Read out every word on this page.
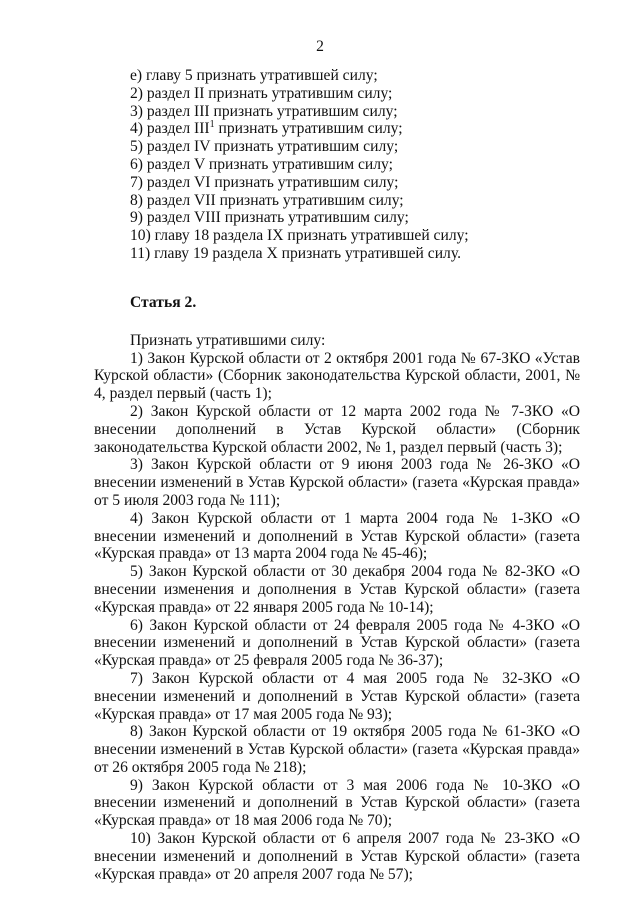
2
е) главу 5 признать утратившей силу;
2) раздел II признать утратившим силу;
3) раздел III признать утратившим силу;
4) раздел III$^1$ признать утратившим силу;
5) раздел IV признать утратившим силу;
6) раздел V признать утратившим силу;
7) раздел VI признать утратившим силу;
8) раздел VII признать утратившим силу;
9) раздел VIII признать утратившим силу;
10) главу 18 раздела IX признать утратившей силу;
11) главу 19 раздела X признать утратившей силу.
Статья 2.
Признать утратившими силу:
1) Закон Курской области от 2 октября 2001 года № 67-ЗКО «Устав Курской области» (Сборник законодательства Курской области, 2001, № 4, раздел первый (часть 1);
2) Закон Курской области от 12 марта 2002 года № 7-ЗКО «О внесении дополнений в Устав Курской области» (Сборник законодательства Курской области 2002, № 1, раздел первый (часть 3);
3) Закон Курской области от 9 июня 2003 года № 26-ЗКО «О внесении изменений в Устав Курской области» (газета «Курская правда» от 5 июля 2003 года № 111);
4) Закон Курской области от 1 марта 2004 года № 1-ЗКО «О внесении изменений и дополнений в Устав Курской области» (газета «Курская правда» от 13 марта 2004 года № 45-46);
5) Закон Курской области от 30 декабря 2004 года № 82-ЗКО «О внесении изменения и дополнения в Устав Курской области» (газета «Курская правда» от 22 января 2005 года № 10-14);
6) Закон Курской области от 24 февраля 2005 года № 4-ЗКО «О внесении изменений и дополнений в Устав Курской области» (газета «Курская правда» от 25 февраля 2005 года № 36-37);
7) Закон Курской области от 4 мая 2005 года № 32-ЗКО «О внесении изменений и дополнений в Устав Курской области» (газета «Курская правда» от 17 мая 2005 года № 93);
8) Закон Курской области от 19 октября 2005 года № 61-ЗКО «О внесении изменений в Устав Курской области» (газета «Курская правда» от 26 октября 2005 года № 218);
9) Закон Курской области от 3 мая 2006 года № 10-ЗКО «О внесении изменений и дополнений в Устав Курской области» (газета «Курская правда» от 18 мая 2006 года № 70);
10) Закон Курской области от 6 апреля 2007 года № 23-ЗКО «О внесении изменений и дополнений в Устав Курской области» (газета «Курская правда» от 20 апреля 2007 года № 57);
